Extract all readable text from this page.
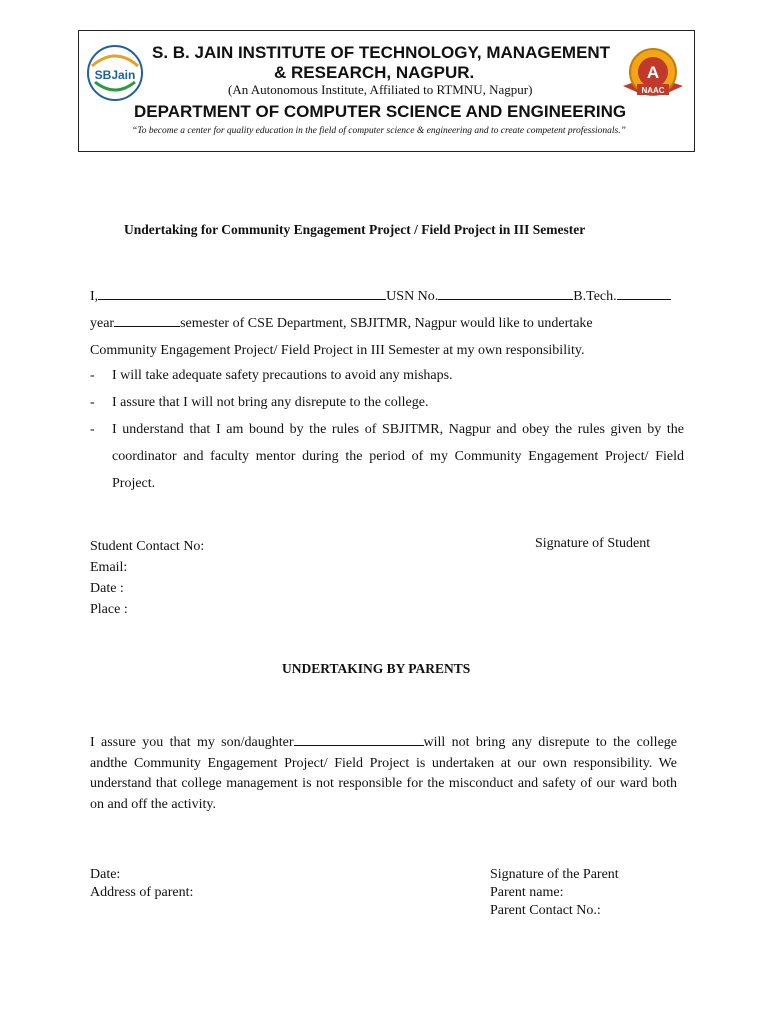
SBJain
S. B. JAIN INSTITUTE OF TECHNOLOGY, MANAGEMENT
& RESEARCH, NAGPUR.
(An Autonomous Institute, Affiliated to RTMNU, Nagpur)
DEPARTMENT OF COMPUTER SCIENCE AND ENGINEERING
“To become a center for quality education in the field of computer science & engineering and to create competent professionals.”
A
NAAC
Undertaking for Community Engagement Project / Field Project in III Semester
I,	USN No.	B.Tech.
year	semester of CSE Department, SBJITMR, Nagpur would like to undertake
Community Engagement Project/ Field Project in III Semester at my own responsibility.
-	I will take adequate safety precautions to avoid any mishaps.
-	I assure that I will not bring any disrepute to the college.
-	I understand that I am bound by the rules of SBJITMR, Nagpur and obey the rules given by the coordinator and faculty mentor during the period of my Community Engagement Project/ Field Project.
Student Contact No:
Email:
Date :
Place :
Signature of Student
UNDERTAKING BY PARENTS
I assure you that my son/daughter	will not bring any disrepute to the college andthe Community Engagement Project/ Field Project is undertaken at our own responsibility. We understand that college management is not responsible for the misconduct and safety of our ward both on and off the activity.
Date:
Address of parent:
Signature of the Parent
Parent name:
Parent Contact No.:
